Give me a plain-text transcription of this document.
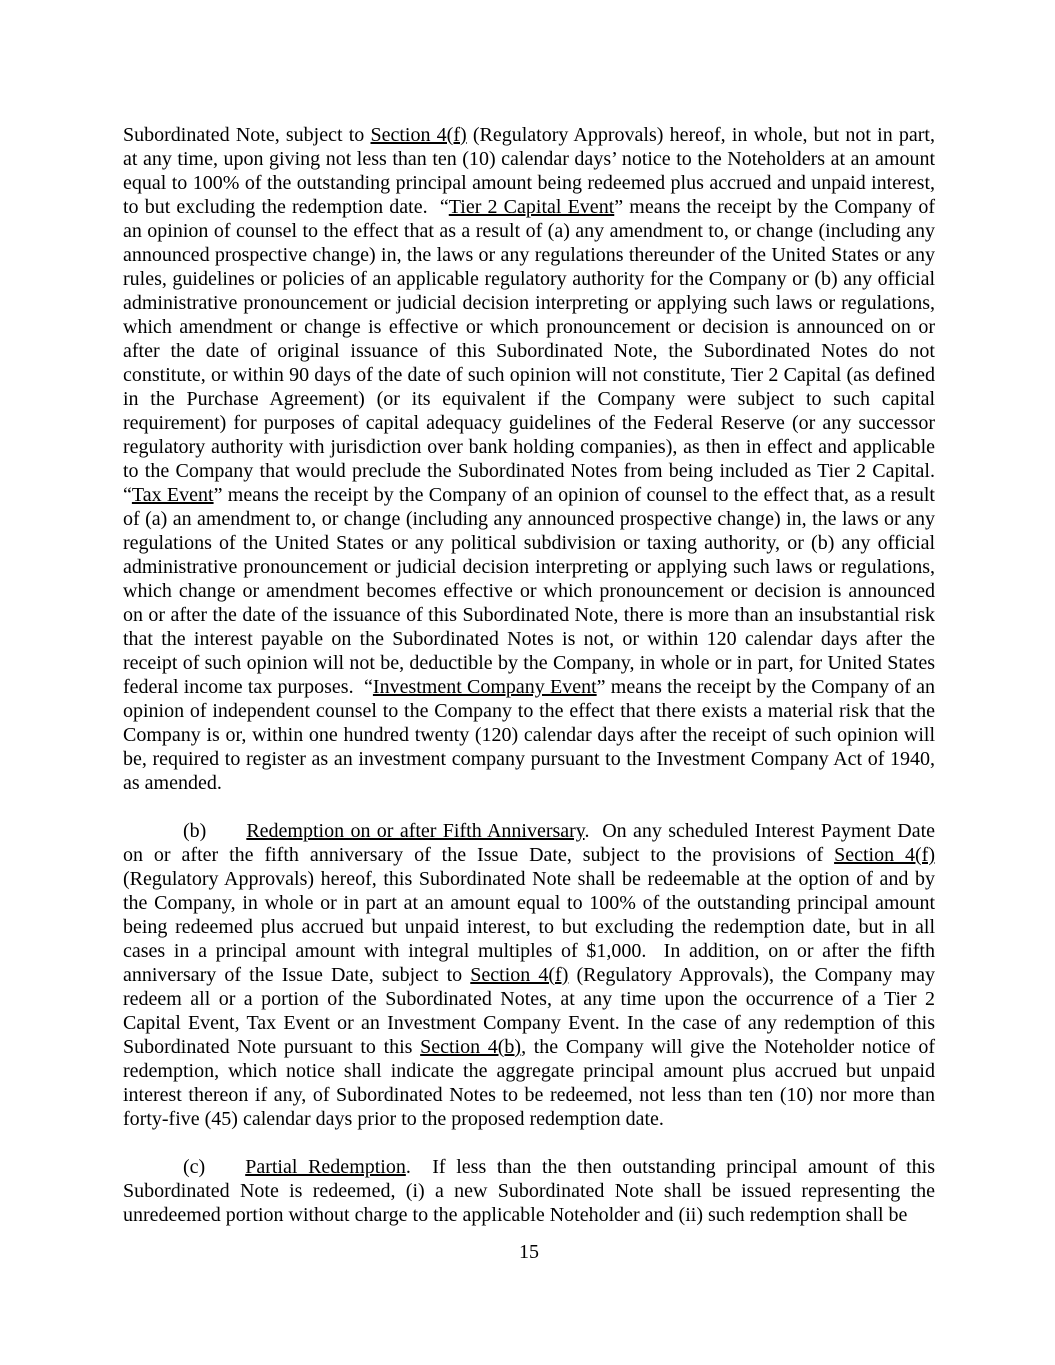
Subordinated Note, subject to Section 4(f) (Regulatory Approvals) hereof, in whole, but not in part, at any time, upon giving not less than ten (10) calendar days’ notice to the Noteholders at an amount equal to 100% of the outstanding principal amount being redeemed plus accrued and unpaid interest, to but excluding the redemption date.  “Tier 2 Capital Event” means the receipt by the Company of an opinion of counsel to the effect that as a result of (a) any amendment to, or change (including any announced prospective change) in, the laws or any regulations thereunder of the United States or any rules, guidelines or policies of an applicable regulatory authority for the Company or (b) any official administrative pronouncement or judicial decision interpreting or applying such laws or regulations, which amendment or change is effective or which pronouncement or decision is announced on or after the date of original issuance of this Subordinated Note, the Subordinated Notes do not constitute, or within 90 days of the date of such opinion will not constitute, Tier 2 Capital (as defined in the Purchase Agreement) (or its equivalent if the Company were subject to such capital requirement) for purposes of capital adequacy guidelines of the Federal Reserve (or any successor regulatory authority with jurisdiction over bank holding companies), as then in effect and applicable to the Company that would preclude the Subordinated Notes from being included as Tier 2 Capital.  “Tax Event” means the receipt by the Company of an opinion of counsel to the effect that, as a result of (a) an amendment to, or change (including any announced prospective change) in, the laws or any regulations of the United States or any political subdivision or taxing authority, or (b) any official administrative pronouncement or judicial decision interpreting or applying such laws or regulations, which change or amendment becomes effective or which pronouncement or decision is announced on or after the date of the issuance of this Subordinated Note, there is more than an insubstantial risk that the interest payable on the Subordinated Notes is not, or within 120 calendar days after the receipt of such opinion will not be, deductible by the Company, in whole or in part, for United States federal income tax purposes.  “Investment Company Event” means the receipt by the Company of an opinion of independent counsel to the Company to the effect that there exists a material risk that the Company is or, within one hundred twenty (120) calendar days after the receipt of such opinion will be, required to register as an investment company pursuant to the Investment Company Act of 1940, as amended.

(b) Redemption on or after Fifth Anniversary.  On any scheduled Interest Payment Date on or after the fifth anniversary of the Issue Date, subject to the provisions of Section 4(f) (Regulatory Approvals) hereof, this Subordinated Note shall be redeemable at the option of and by the Company, in whole or in part at an amount equal to 100% of the outstanding principal amount being redeemed plus accrued but unpaid interest, to but excluding the redemption date, but in all cases in a principal amount with integral multiples of $1,000.  In addition, on or after the fifth anniversary of the Issue Date, subject to Section 4(f) (Regulatory Approvals), the Company may redeem all or a portion of the Subordinated Notes, at any time upon the occurrence of a Tier 2 Capital Event, Tax Event or an Investment Company Event. In the case of any redemption of this Subordinated Note pursuant to this Section 4(b), the Company will give the Noteholder notice of redemption, which notice shall indicate the aggregate principal amount plus accrued but unpaid interest thereon if any, of Subordinated Notes to be redeemed, not less than ten (10) nor more than forty-five (45) calendar days prior to the proposed redemption date.

(c) Partial Redemption.  If less than the then outstanding principal amount of this Subordinated Note is redeemed, (i) a new Subordinated Note shall be issued representing the unredeemed portion without charge to the applicable Noteholder and (ii) such redemption shall be

15
